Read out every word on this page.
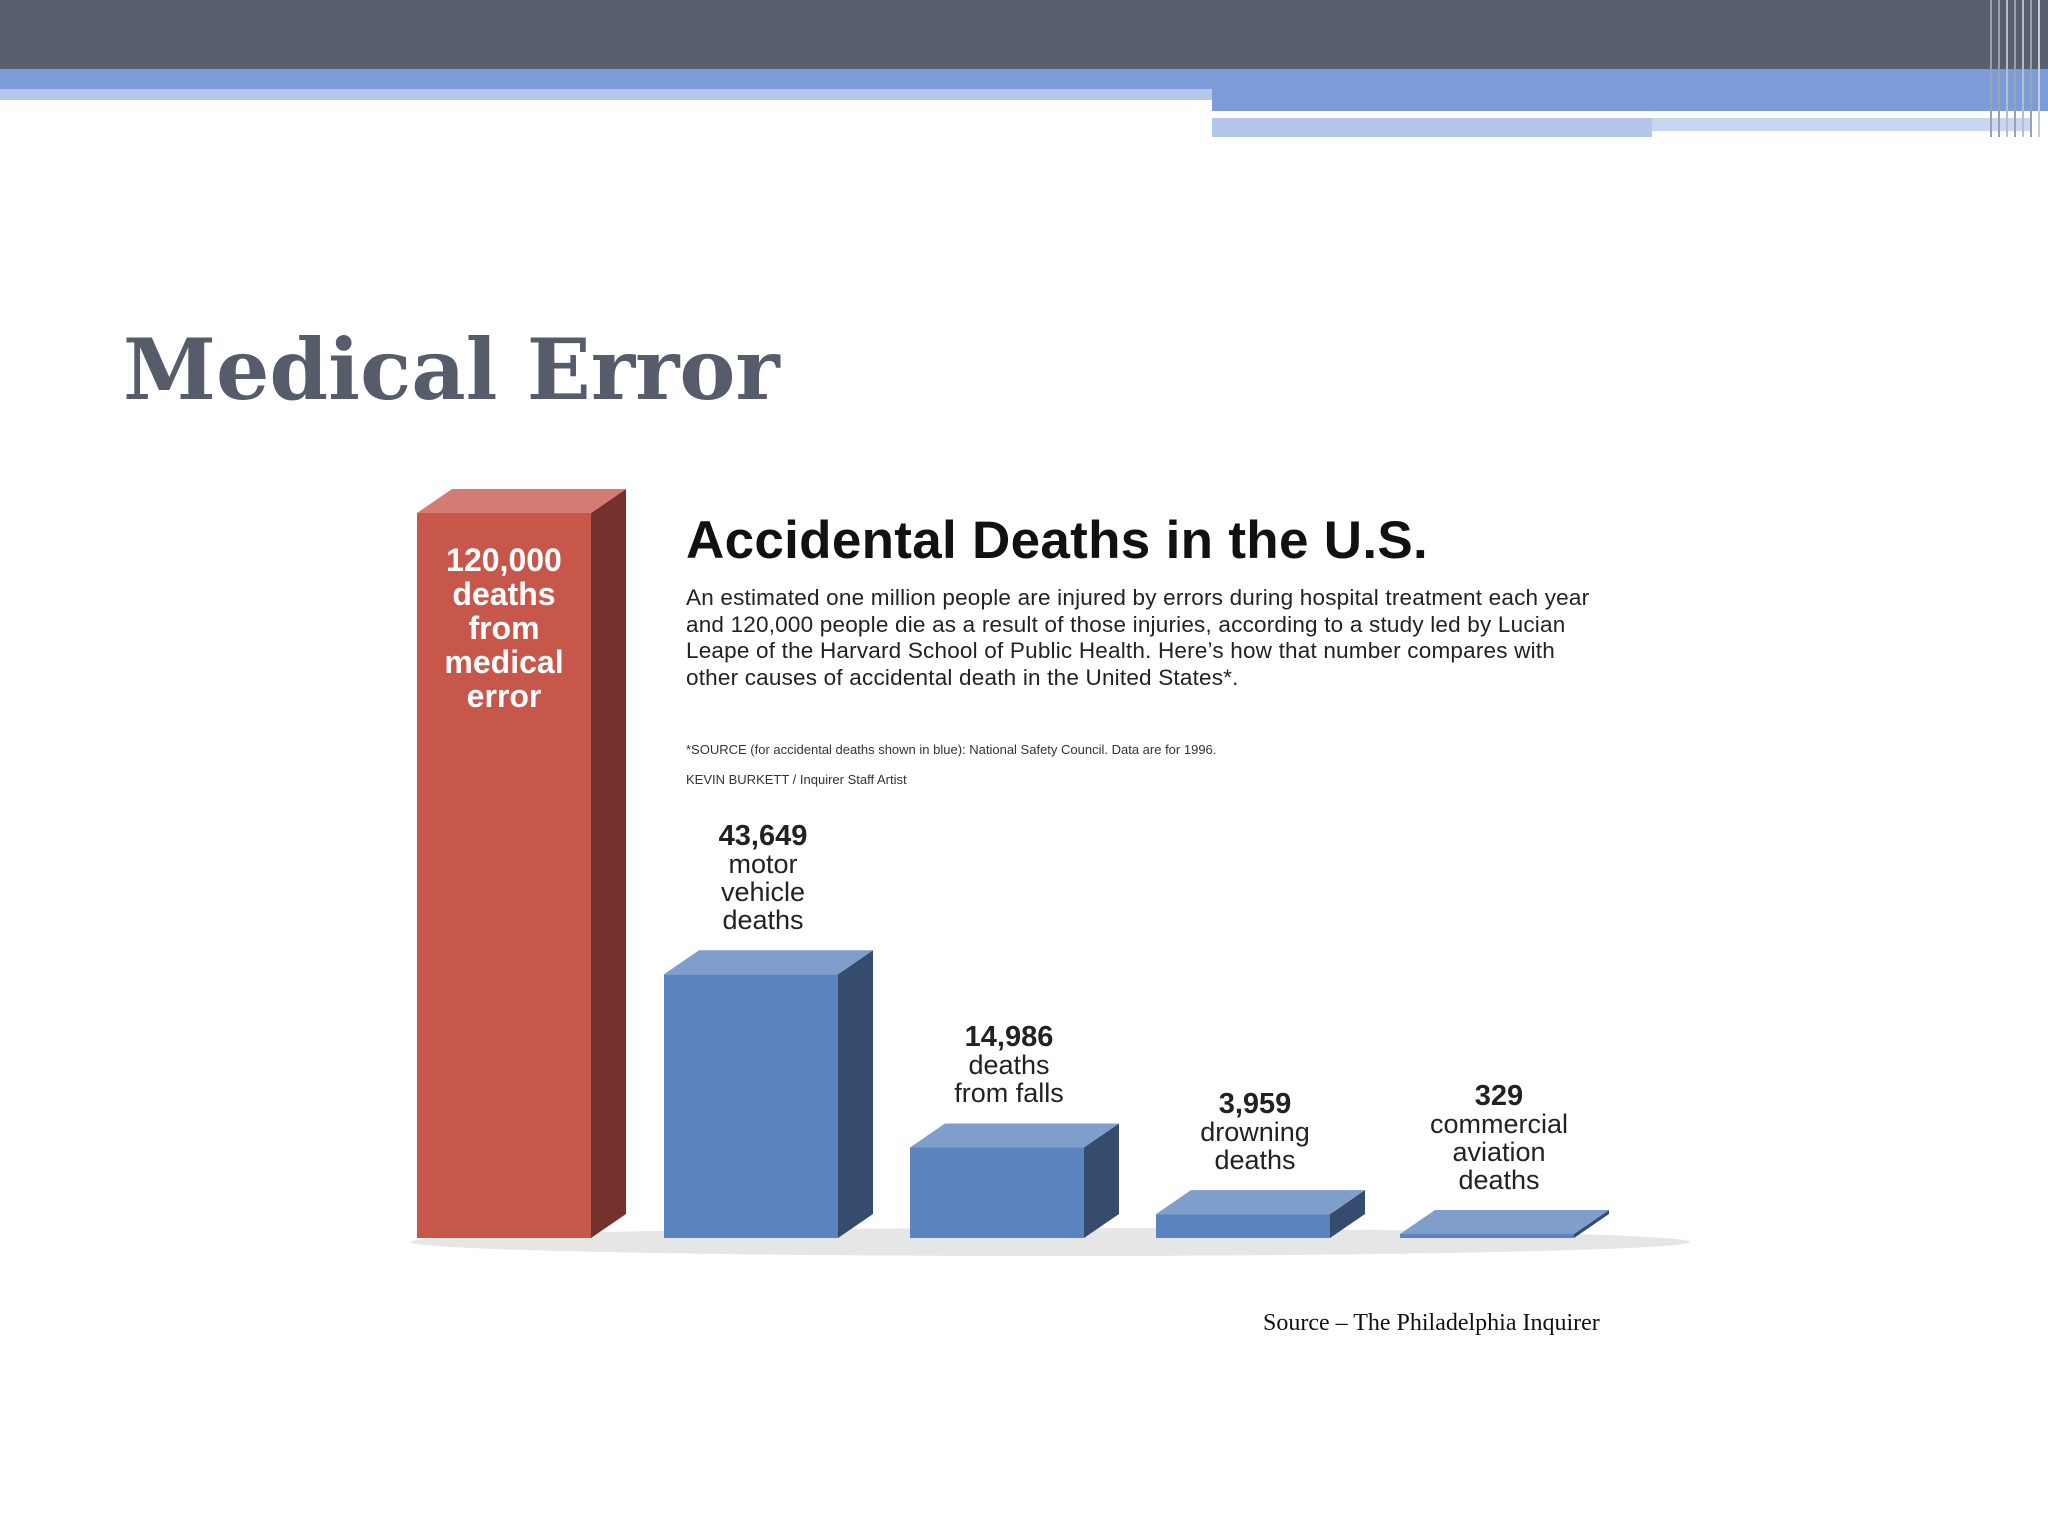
Medical Error
Accidental Deaths in the U.S.
An estimated one million people are injured by errors during hospital treatment each year and 120,000 people die as a result of those injuries, according to a study led by Lucian Leape of the Harvard School of Public Health. Here’s how that number compares with other causes of accidental death in the United States*.
*SOURCE (for accidental deaths shown in blue): National Safety Council. Data are for 1996.
KEVIN BURKETT / Inquirer Staff Artist
120,000
deaths
from
medical
error
43,649
motor
vehicle
deaths
14,986
deaths
from falls	3,959
drowning
deaths
329
commercial
aviation
deaths
Source – The Philadelphia Inquirer
